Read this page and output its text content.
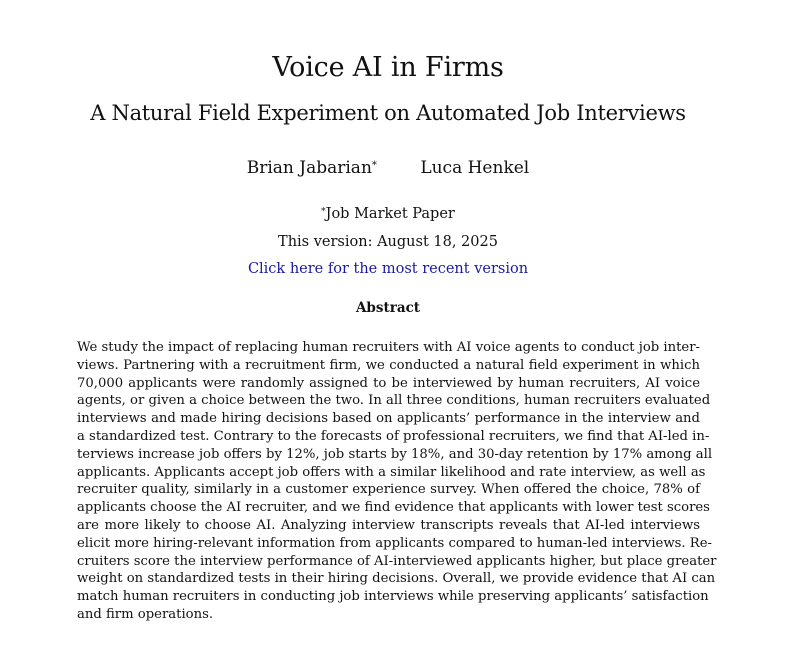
Voice AI in Firms
A Natural Field Experiment on Automated Job Interviews
Brian Jabarian*	Luca Henkel
*Job Market Paper
This version: August 18, 2025
Click here for the most recent version
Abstract

We study the impact of replacing human recruiters with AI voice agents to conduct job inter-
views. Partnering with a recruitment firm, we conducted a natural field experiment in which
70,000 applicants were randomly assigned to be interviewed by human recruiters, AI voice
agents, or given a choice between the two. In all three conditions, human recruiters evaluated
interviews and made hiring decisions based on applicants’ performance in the interview and
a standardized test. Contrary to the forecasts of professional recruiters, we find that AI-led in-
terviews increase job offers by 12%, job starts by 18%, and 30-day retention by 17% among all
applicants. Applicants accept job offers with a similar likelihood and rate interview, as well as
recruiter quality, similarly in a customer experience survey. When offered the choice, 78% of
applicants choose the AI recruiter, and we find evidence that applicants with lower test scores
are more likely to choose AI. Analyzing interview transcripts reveals that AI-led interviews
elicit more hiring-relevant information from applicants compared to human-led interviews. Re-
cruiters score the interview performance of AI-interviewed applicants higher, but place greater
weight on standardized tests in their hiring decisions. Overall, we provide evidence that AI can
match human recruiters in conducting job interviews while preserving applicants’ satisfaction
and firm operations.
